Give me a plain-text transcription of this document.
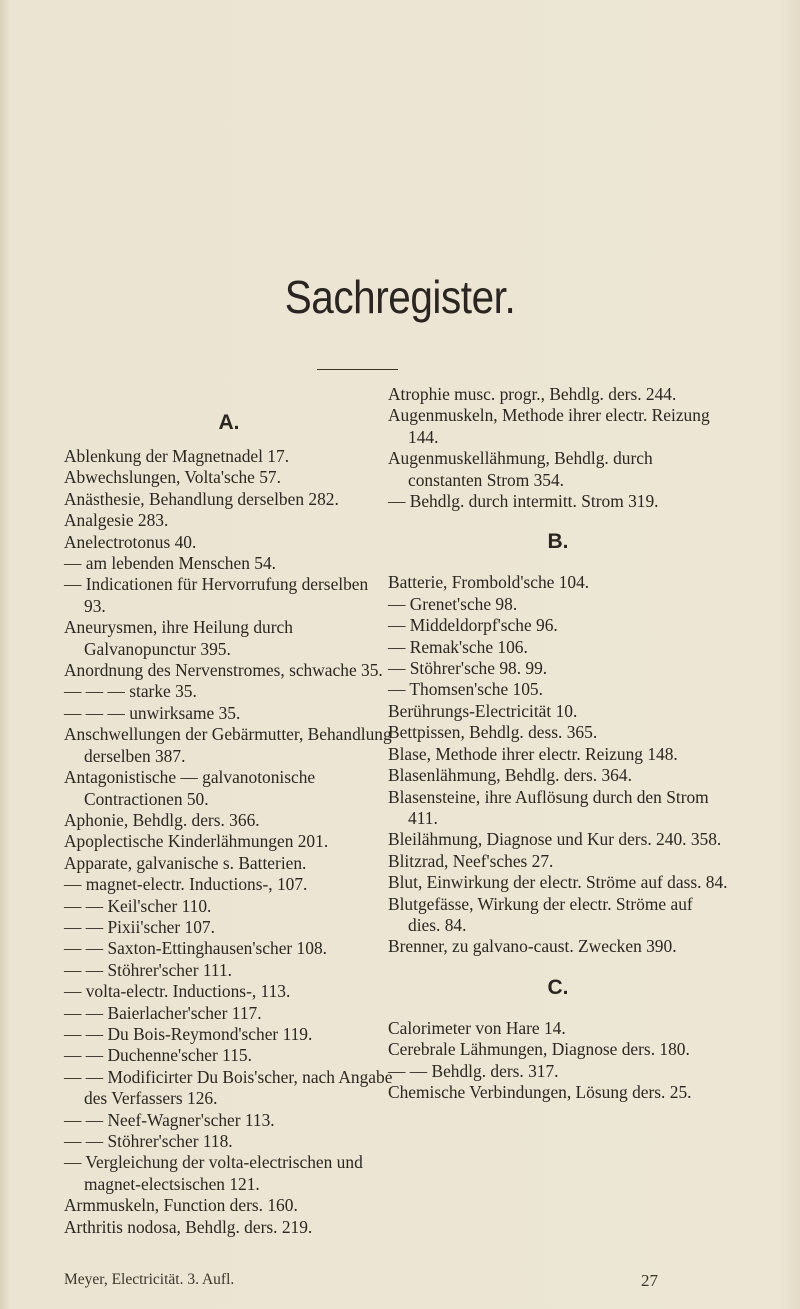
Sachregister.
A.

Ablenkung der Magnetnadel 17.

Abwechslungen, Volta'sche 57.

Anästhesie, Behandlung derselben 282.

Analgesie 283.

Anelectrotonus 40.

— am lebenden Menschen 54.

— Indicationen für Hervorrufung derselben 93.

Aneurysmen, ihre Heilung durch Galvanopunctur 395.

Anordnung des Nervenstromes, schwache 35.

— — — starke 35.

— — — unwirksame 35.

Anschwellungen der Gebärmutter, Behandlung derselben 387.

Antagonistische — galvanotonische Contractionen 50.

Aphonie, Behdlg. ders. 366.

Apoplectische Kinderlähmungen 201.

Apparate, galvanische s. Batterien.

— magnet-electr. Inductions-, 107.

— — Keil'scher 110.

— — Pixii'scher 107.

— — Saxton-Ettinghausen'scher 108.

— — Stöhrer'scher 111.

— volta-electr. Inductions-, 113.

— — Baierlacher'scher 117.

— — Du Bois-Reymond'scher 119.

— — Duchenne'scher 115.

— — Modificirter Du Bois'scher, nach Angabe des Verfassers 126.

— — Neef-Wagner'scher 113.

— — Stöhrer'scher 118.

— Vergleichung der volta-electrischen und magnet-electsischen 121.

Armmuskeln, Function ders. 160.

Arthritis nodosa, Behdlg. ders. 219.

Atrophie musc. progr., Behdlg. ders. 244.

Augenmuskeln, Methode ihrer electr. Reizung 144.

Augenmuskellähmung, Behdlg. durch constanten Strom 354.

— Behdlg. durch intermitt. Strom 319.

B.

Batterie, Frombold'sche 104.

— Grenet'sche 98.

— Middeldorpf'sche 96.

— Remak'sche 106.

— Stöhrer'sche 98. 99.

— Thomsen'sche 105.

Berührungs-Electricität 10.

Bettpissen, Behdlg. dess. 365.

Blase, Methode ihrer electr. Reizung 148.

Blasenlähmung, Behdlg. ders. 364.

Blasensteine, ihre Auflösung durch den Strom 411.

Bleilähmung, Diagnose und Kur ders. 240. 358.

Blitzrad, Neef'sches 27.

Blut, Einwirkung der electr. Ströme auf dass. 84.

Blutgefässe, Wirkung der electr. Ströme auf dies. 84.

Brenner, zu galvano-caust. Zwecken 390.

C.

Calorimeter von Hare 14.

Cerebrale Lähmungen, Diagnose ders. 180.

— — Behdlg. ders. 317.

Chemische Verbindungen, Lösung ders. 25.

Meyer, Electricität. 3. Aufl.	27
